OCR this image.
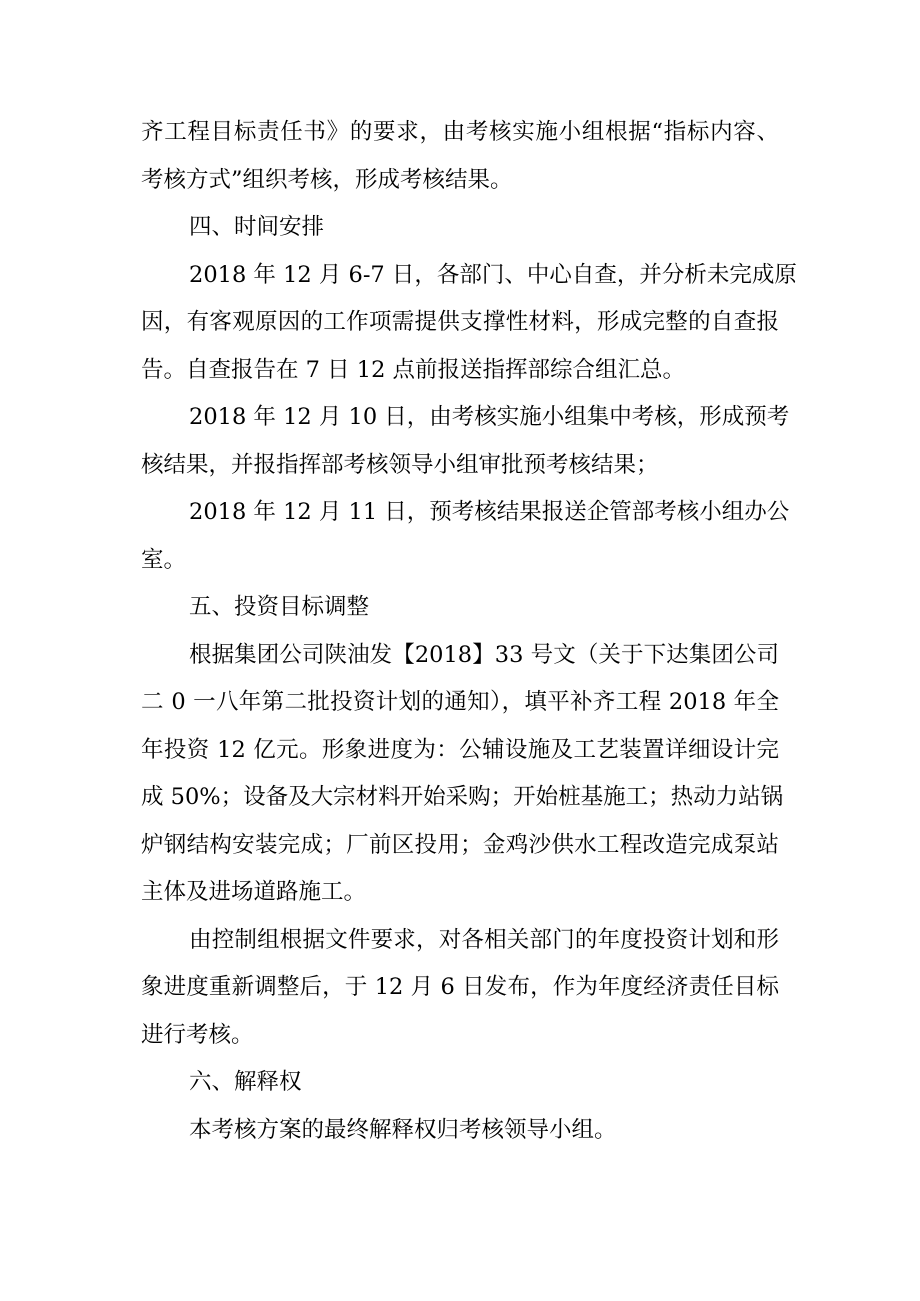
齐工程目标责任书》的要求，由考核实施小组根据“指标内容、
考核方式”组织考核，形成考核结果。
四、时间安排
2018 年 12 月 6-7 日，各部门、中心自查，并分析未完成原
因，有客观原因的工作项需提供支撑性材料，形成完整的自查报
告。自查报告在 7 日 12 点前报送指挥部综合组汇总。
2018 年 12 月 10 日，由考核实施小组集中考核，形成预考
核结果，并报指挥部考核领导小组审批预考核结果；
2018 年 12 月 11 日，预考核结果报送企管部考核小组办公
室。
五、投资目标调整
根据集团公司陕油发【2018】33 号文（关于下达集团公司
二 0 一八年第二批投资计划的通知），填平补齐工程 2018 年全
年投资 12 亿元。形象进度为：公辅设施及工艺装置详细设计完
成 50%；设备及大宗材料开始采购；开始桩基施工；热动力站锅
炉钢结构安装完成；厂前区投用；金鸡沙供水工程改造完成泵站
主体及进场道路施工。
由控制组根据文件要求，对各相关部门的年度投资计划和形
象进度重新调整后，于 12 月 6 日发布，作为年度经济责任目标
进行考核。
六、解释权
本考核方案的最终解释权归考核领导小组。
